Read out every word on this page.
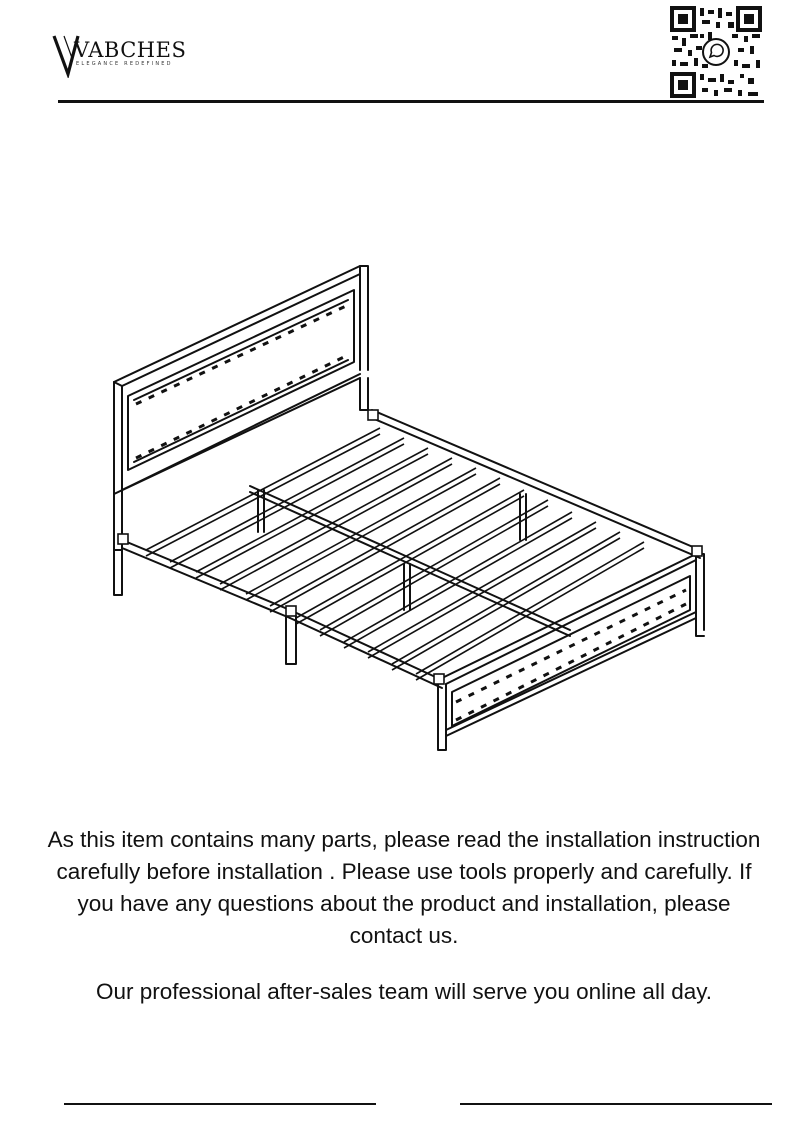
VABCHES
ELEGANCE REDEFINED

As this item contains many parts, please read the installation instruction carefully before installation . Please use tools properly and carefully. If you have any questions about the product and installation, please contact us.

Our professional after-sales team will serve you online all day.
